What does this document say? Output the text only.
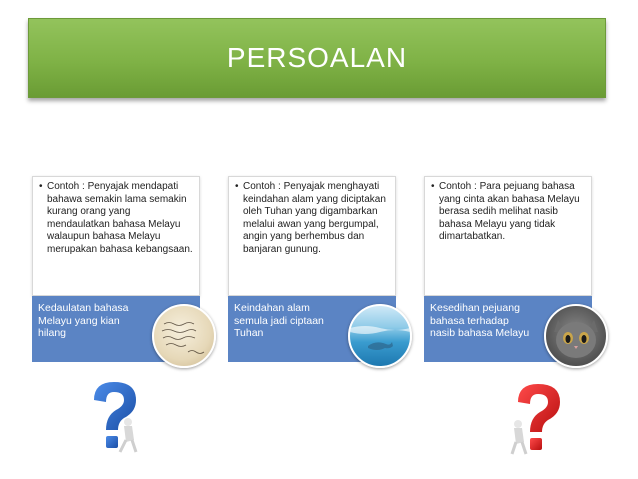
PERSOALAN
• Contoh : Penyajak mendapati bahawa semakin lama semakin kurang orang yang mendaulatkan bahasa Melayu walaupun bahasa Melayu merupakan bahasa kebangsaan.
Kedaulatan bahasa Melayu yang kian hilang
• Contoh : Penyajak menghayati keindahan alam yang diciptakan oleh Tuhan yang digambarkan melalui awan yang bergumpal, angin yang berhembus dan banjaran gunung.
Keindahan alam semula jadi ciptaan Tuhan
• Contoh : Para pejuang bahasa yang cinta akan bahasa Melayu berasa sedih melihat nasib bahasa Melayu yang tidak dimartabatkan.
Kesedihan pejuang bahasa terhadap nasib bahasa Melayu
